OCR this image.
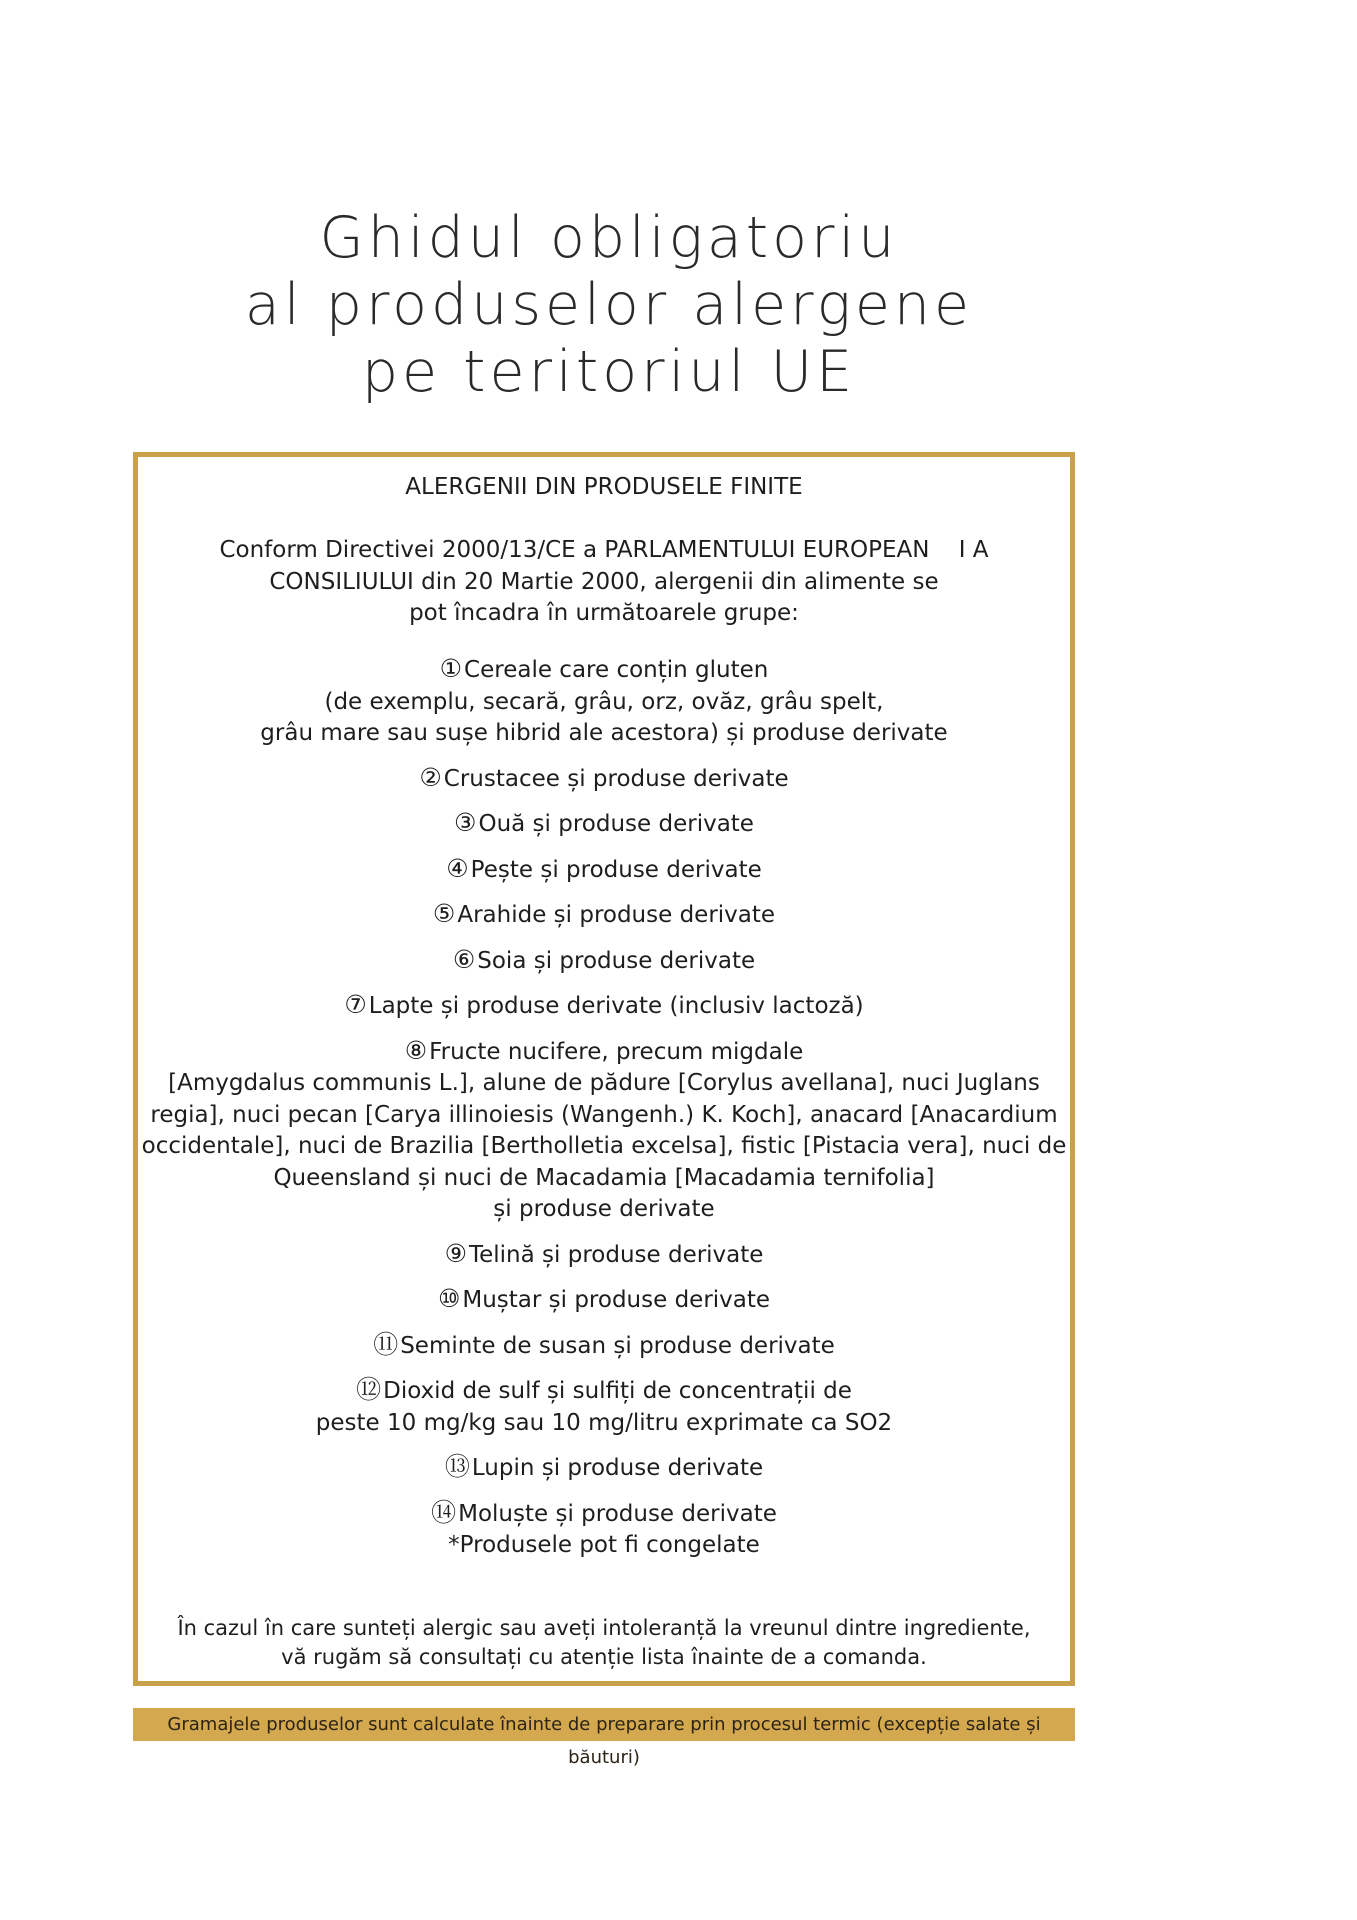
Ghidul obligatoriu
al produselor alergene
pe teritoriul UE
ALERGENII DIN PRODUSELE FINITE
Conform Directivei 2000/13/CE a PARLAMENTULUI EUROPEAN    I A
CONSILIULUI din 20 Martie 2000, alergenii din alimente se
pot încadra în următoarele grupe:
①Cereale care conțin gluten
(de exemplu, secară, grâu, orz, ovăz, grâu spelt,
grâu mare sau sușe hibrid ale acestora) și produse derivate
②Crustacee și produse derivate
③Ouă și produse derivate
④Pește și produse derivate
⑤Arahide și produse derivate
⑥Soia și produse derivate
⑦Lapte și produse derivate (inclusiv lactoză)
⑧Fructe nucifere, precum migdale
[Amygdalus communis L.], alune de pădure [Corylus avellana], nuci Juglans
regia], nuci pecan [Carya illinoiesis (Wangenh.) K. Koch], anacard [Anacardium
occidentale], nuci de Brazilia [Bertholletia excelsa], fistic [Pistacia vera], nuci de
Queensland și nuci de Macadamia [Macadamia ternifolia]
și produse derivate
⑨Telină și produse derivate
⑩Muștar și produse derivate
⑪Seminte de susan și produse derivate
⑫Dioxid de sulf și sulfiți de concentrații de
peste 10 mg/kg sau 10 mg/litru exprimate ca SO2
⑬Lupin și produse derivate
⑭Moluște și produse derivate
*Produsele pot fi congelate
În cazul în care sunteți alergic sau aveți intoleranță la vreunul dintre ingrediente,
vă rugăm să consultați cu atenție lista înainte de a comanda.
Gramajele produselor sunt calculate înainte de preparare prin procesul termic (excepție salate și băuturi)
